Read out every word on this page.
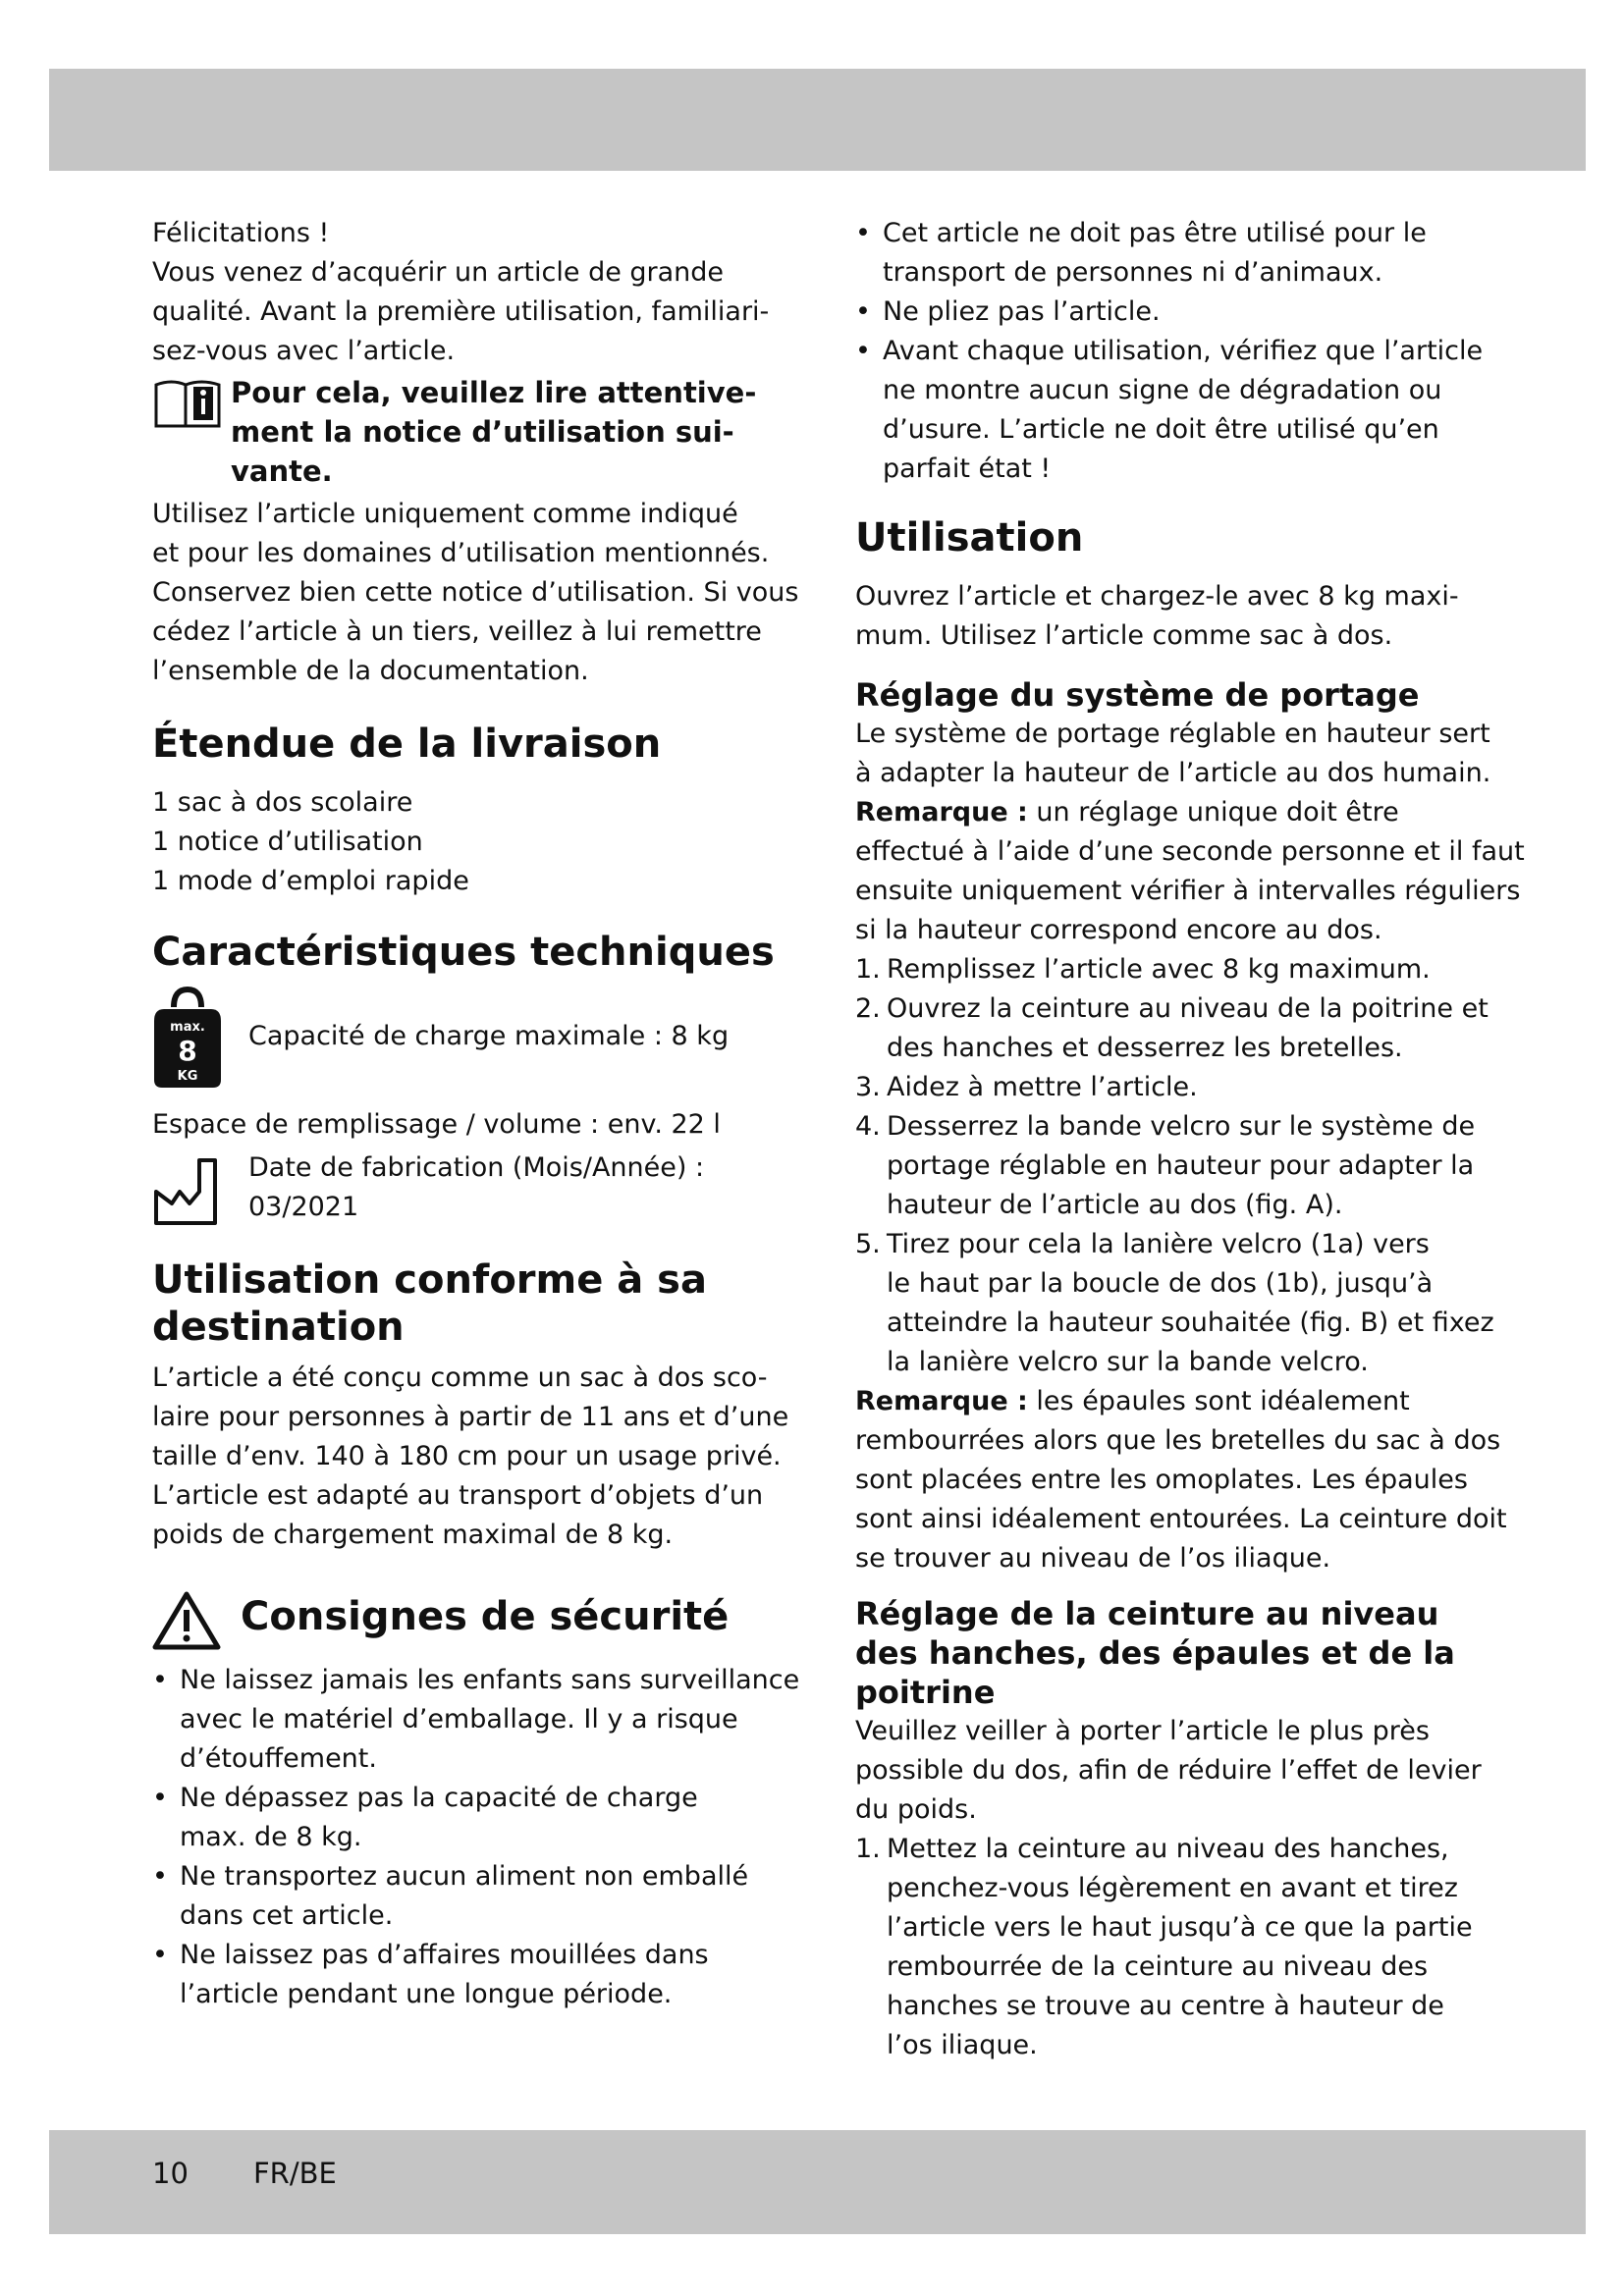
Félicitations !
Vous venez d’acquérir un article de grande
qualité. Avant la première utilisation, familiari-
sez-vous avec l’article.
Pour cela, veuillez lire attentive-
ment la notice d’utilisation sui-
vante.
Utilisez l’article uniquement comme indiqué
et pour les domaines d’utilisation mentionnés.
Conservez bien cette notice d’utilisation. Si vous
cédez l’article à un tiers, veillez à lui remettre
l’ensemble de la documentation.
Étendue de la livraison
1 sac à dos scolaire
1 notice d’utilisation
1 mode d’emploi rapide
Caractéristiques techniques
max.
8
KG
Capacité de charge maximale : 8 kg
Espace de remplissage / volume : env. 22 l
Date de fabrication (Mois/Année) :
03/2021
Utilisation conforme à sa
destination
L’article a été conçu comme un sac à dos sco-
laire pour personnes à partir de 11 ans et d’une
taille d’env. 140 à 180 cm pour un usage privé.
L’article est adapté au transport d’objets d’un
poids de chargement maximal de 8 kg.
Consignes de sécurité
• Ne laissez jamais les enfants sans surveillance
avec le matériel d’emballage. Il y a risque
d’étouffement.
• Ne dépassez pas la capacité de charge
max. de 8 kg.
• Ne transportez aucun aliment non emballé
dans cet article.
• Ne laissez pas d’affaires mouillées dans
l’article pendant une longue période.
• Cet article ne doit pas être utilisé pour le
transport de personnes ni d’animaux.
• Ne pliez pas l’article.
• Avant chaque utilisation, vérifiez que l’article
ne montre aucun signe de dégradation ou
d’usure. L’article ne doit être utilisé qu’en
parfait état !
Utilisation
Ouvrez l’article et chargez-le avec 8 kg maxi-
mum. Utilisez l’article comme sac à dos.
Réglage du système de portage
Le système de portage réglable en hauteur sert
à adapter la hauteur de l’article au dos humain.
Remarque : un réglage unique doit être
effectué à l’aide d’une seconde personne et il faut
ensuite uniquement vérifier à intervalles réguliers
si la hauteur correspond encore au dos.
1. Remplissez l’article avec 8 kg maximum.
2. Ouvrez la ceinture au niveau de la poitrine et
des hanches et desserrez les bretelles.
3. Aidez à mettre l’article.
4. Desserrez la bande velcro sur le système de
portage réglable en hauteur pour adapter la
hauteur de l’article au dos (fig. A).
5. Tirez pour cela la lanière velcro (1a) vers
le haut par la boucle de dos (1b), jusqu’à
atteindre la hauteur souhaitée (fig. B) et fixez
la lanière velcro sur la bande velcro.
Remarque : les épaules sont idéalement
rembourrées alors que les bretelles du sac à dos
sont placées entre les omoplates. Les épaules
sont ainsi idéalement entourées. La ceinture doit
se trouver au niveau de l’os iliaque.
Réglage de la ceinture au niveau
des hanches, des épaules et de la
poitrine
Veuillez veiller à porter l’article le plus près
possible du dos, afin de réduire l’effet de levier
du poids.
1. Mettez la ceinture au niveau des hanches,
penchez-vous légèrement en avant et tirez
l’article vers le haut jusqu’à ce que la partie
rembourrée de la ceinture au niveau des
hanches se trouve au centre à hauteur de
l’os iliaque.
10 FR/BE
